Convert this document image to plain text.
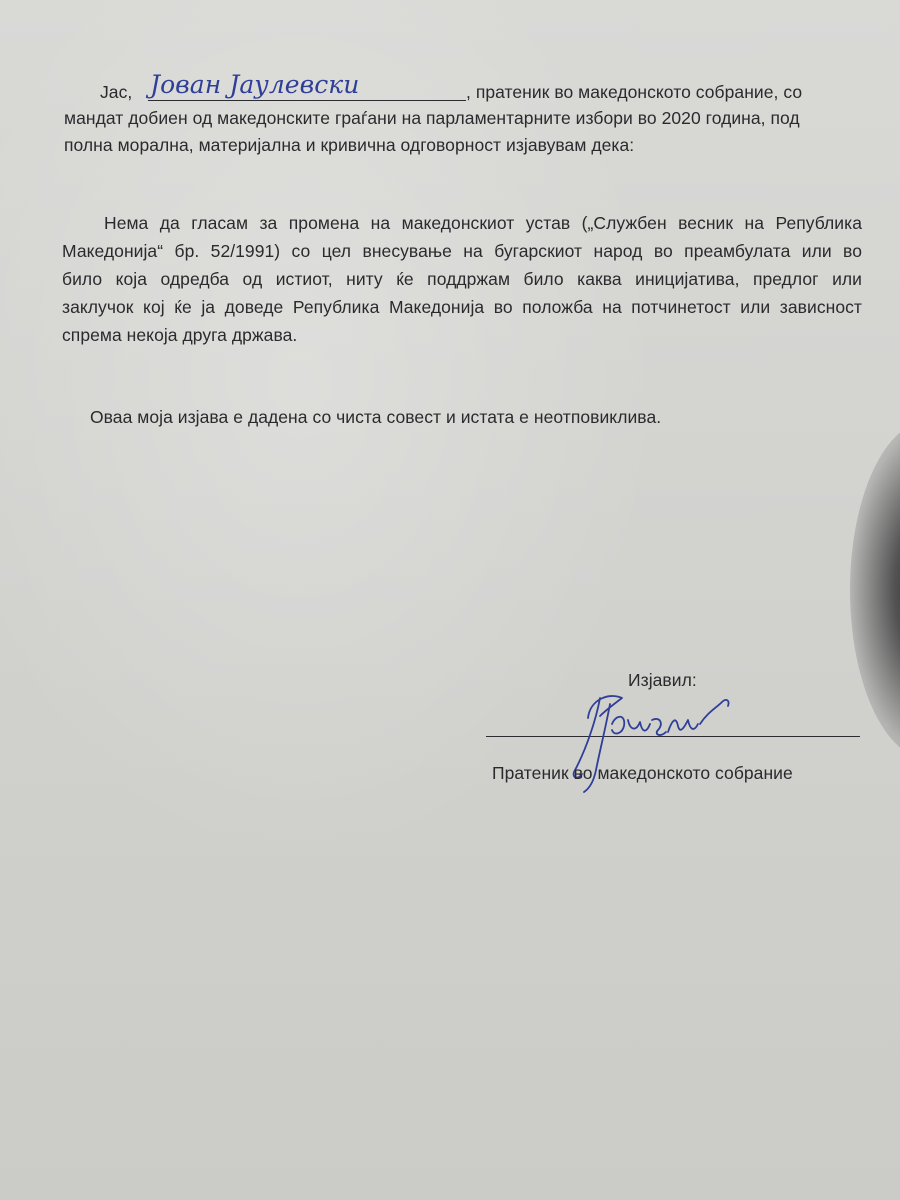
Јас, Јован Јаулевски	, пратеник во македонското собрание, со
мандат добиен од македонските граѓани на парламентарните избори во 2020 година, под
полна морална, материјална и кривична одговорност изјавувам дека:
Нема да гласам за промена на македонскиот устав („Службен весник на Република
Македонија“ бр. 52/1991) со цел внесување на бугарскиот народ во преамбулата или во
било која одредба од истиот, ниту ќе поддржам било каква иницијатива, предлог или
заклучок кој ќе ја доведе Република Македонија во положба на потчинетост или зависност
спрема некоја друга држава.
Оваа моја изјава е дадена со чиста совест и истата е неотповиклива.
Изјавил:
Пратеник во македонското собрание
